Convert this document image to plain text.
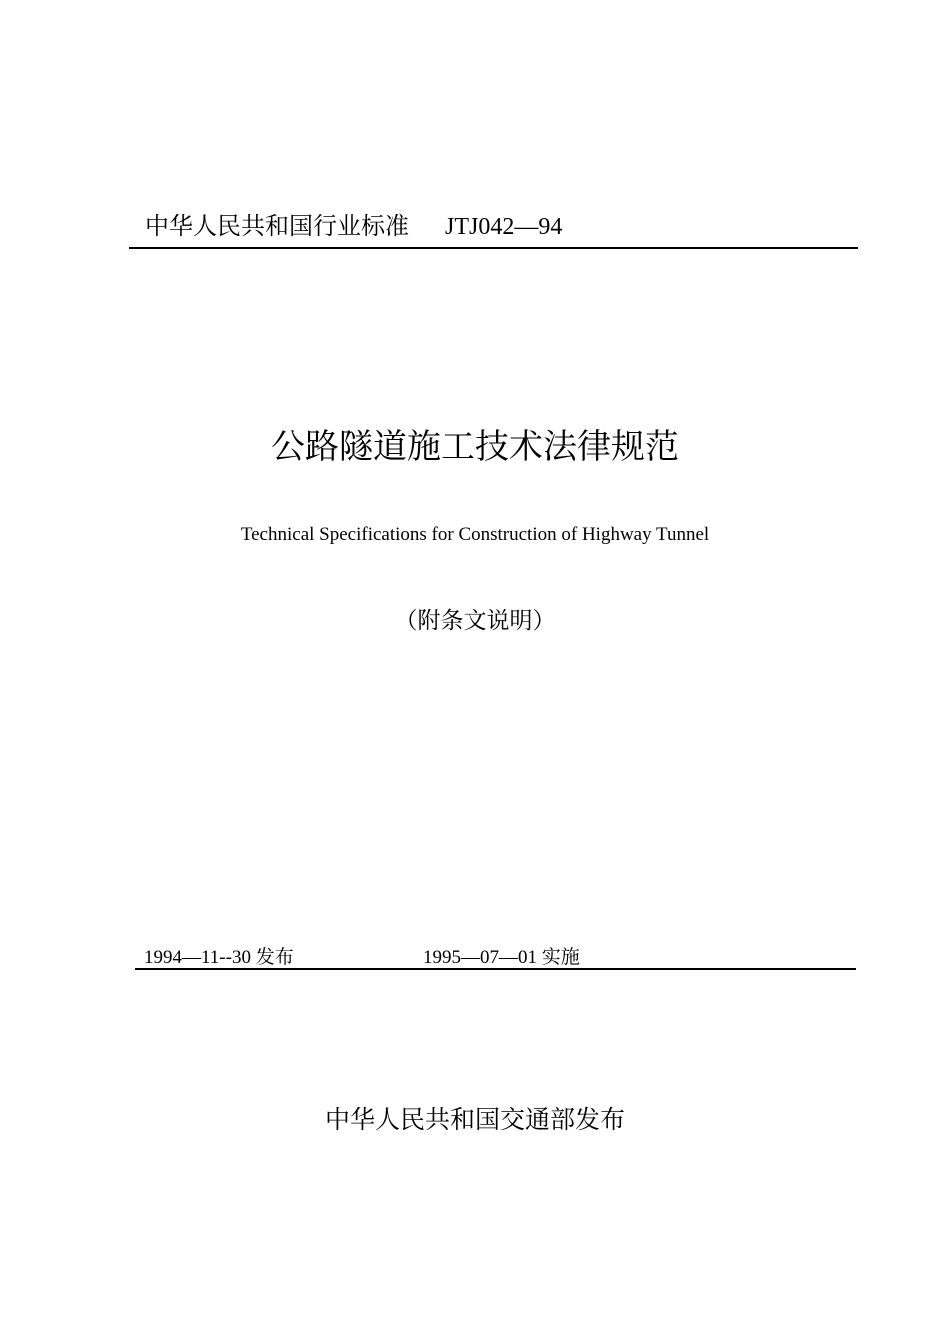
中华人民共和国行业标准 JTJ042—94
公路隧道施工技术法律规范
Technical Specifications for Construction of Highway Tunnel
（附条文说明）
1994—11--30 发布	1995—07—01 实施
中华人民共和国交通部发布
